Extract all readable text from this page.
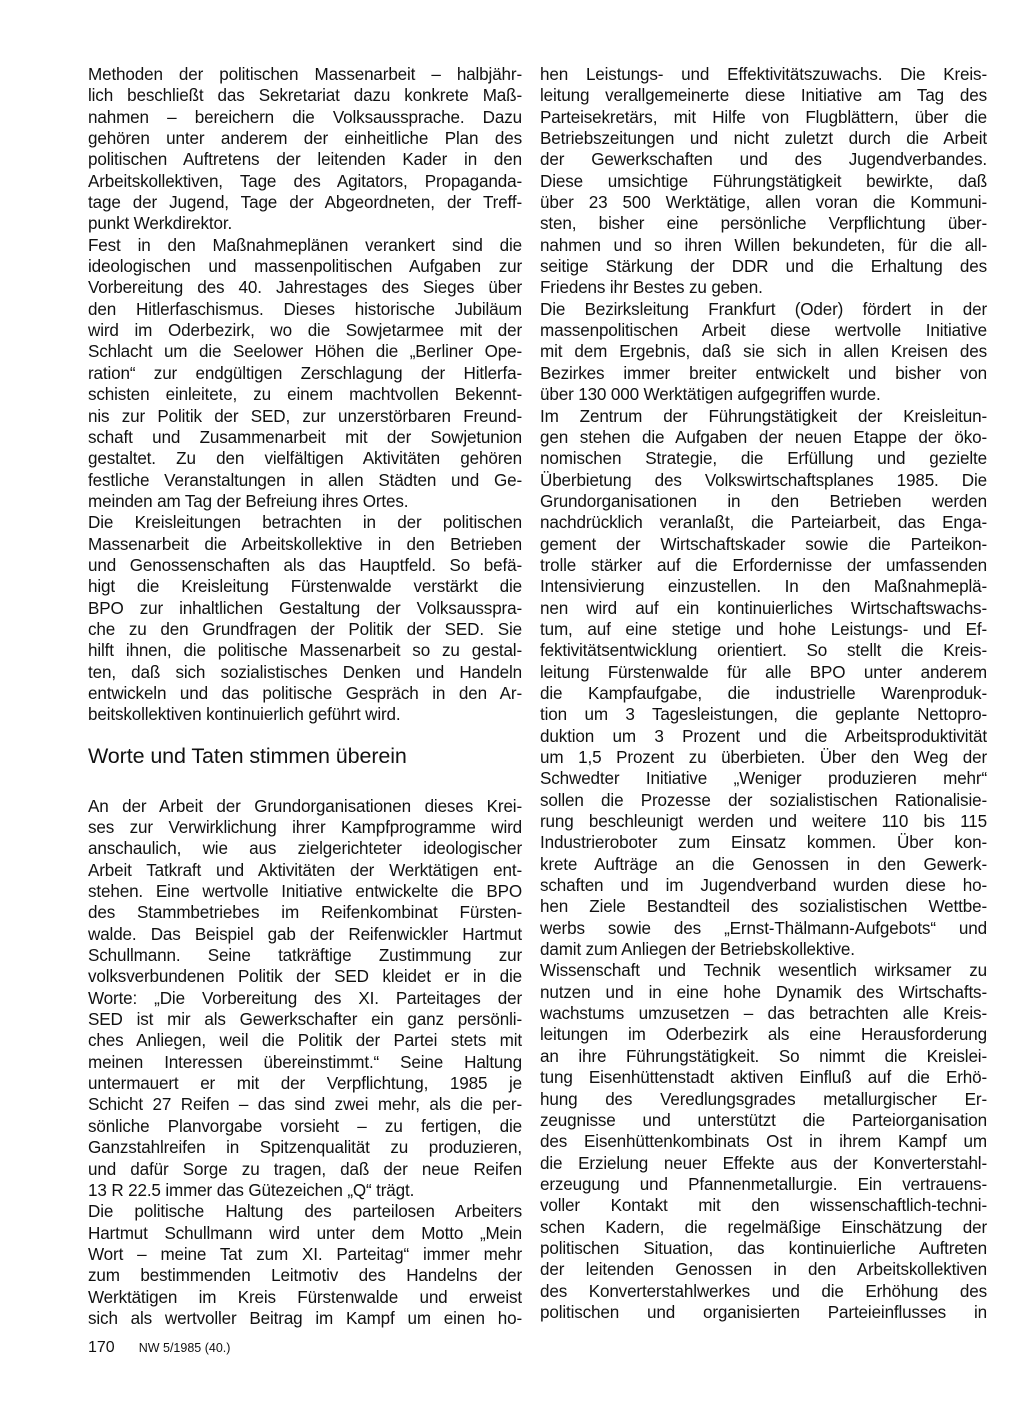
Methoden der politischen Massenarbeit – halbjähr-
lich beschließt das Sekretariat dazu konkrete Maß-
nahmen – bereichern die Volksaussprache. Dazu
gehören unter anderem der einheitliche Plan des
politischen Auftretens der leitenden Kader in den
Arbeitskollektiven, Tage des Agitators, Propaganda-
tage der Jugend, Tage der Abgeordneten, der Treff-
punkt Werkdirektor.
Fest in den Maßnahmeplänen verankert sind die
ideologischen und massenpolitischen Aufgaben zur
Vorbereitung des 40. Jahrestages des Sieges über
den Hitlerfaschismus. Dieses historische Jubiläum
wird im Oderbezirk, wo die Sowjetarmee mit der
Schlacht um die Seelower Höhen die „Berliner Ope-
ration“ zur endgültigen Zerschlagung der Hitlerfa-
schisten einleitete, zu einem machtvollen Bekennt-
nis zur Politik der SED, zur unzerstörbaren Freund-
schaft und Zusammenarbeit mit der Sowjetunion
gestaltet. Zu den vielfältigen Aktivitäten gehören
festliche Veranstaltungen in allen Städten und Ge-
meinden am Tag der Befreiung ihres Ortes.
Die Kreisleitungen betrachten in der politischen
Massenarbeit die Arbeitskollektive in den Betrieben
und Genossenschaften als das Hauptfeld. So befä-
higt die Kreisleitung Fürstenwalde verstärkt die
BPO zur inhaltlichen Gestaltung der Volksausspra-
che zu den Grundfragen der Politik der SED. Sie
hilft ihnen, die politische Massenarbeit so zu gestal-
ten, daß sich sozialistisches Denken und Handeln
entwickeln und das politische Gespräch in den Ar-
beitskollektiven kontinuierlich geführt wird.
Worte und Taten stimmen überein
An der Arbeit der Grundorganisationen dieses Krei-
ses zur Verwirklichung ihrer Kampfprogramme wird
anschaulich, wie aus zielgerichteter ideologischer
Arbeit Tatkraft und Aktivitäten der Werktätigen ent-
stehen. Eine wertvolle Initiative entwickelte die BPO
des Stammbetriebes im Reifenkombinat Fürsten-
walde. Das Beispiel gab der Reifenwickler Hartmut
Schullmann. Seine tatkräftige Zustimmung zur
volksverbundenen Politik der SED kleidet er in die
Worte: „Die Vorbereitung des XI. Parteitages der
SED ist mir als Gewerkschafter ein ganz persönli-
ches Anliegen, weil die Politik der Partei stets mit
meinen Interessen übereinstimmt.“ Seine Haltung
untermauert er mit der Verpflichtung, 1985 je
Schicht 27 Reifen – das sind zwei mehr, als die per-
sönliche Planvorgabe vorsieht – zu fertigen, die
Ganzstahlreifen in Spitzenqualität zu produzieren,
und dafür Sorge zu tragen, daß der neue Reifen
13 R 22.5 immer das Gütezeichen „Q“ trägt.
Die politische Haltung des parteilosen Arbeiters
Hartmut Schullmann wird unter dem Motto „Mein
Wort – meine Tat zum XI. Parteitag“ immer mehr
zum bestimmenden Leitmotiv des Handelns der
Werktätigen im Kreis Fürstenwalde und erweist
sich als wertvoller Beitrag im Kampf um einen ho-
hen Leistungs- und Effektivitätszuwachs. Die Kreis-
leitung verallgemeinerte diese Initiative am Tag des
Parteisekretärs, mit Hilfe von Flugblättern, über die
Betriebszeitungen und nicht zuletzt durch die Arbeit
der Gewerkschaften und des Jugendverbandes.
Diese umsichtige Führungstätigkeit bewirkte, daß
über 23 500 Werktätige, allen voran die Kommuni-
sten, bisher eine persönliche Verpflichtung über-
nahmen und so ihren Willen bekundeten, für die all-
seitige Stärkung der DDR und die Erhaltung des
Friedens ihr Bestes zu geben.
Die Bezirksleitung Frankfurt (Oder) fördert in der
massenpolitischen Arbeit diese wertvolle Initiative
mit dem Ergebnis, daß sie sich in allen Kreisen des
Bezirkes immer breiter entwickelt und bisher von
über 130 000 Werktätigen aufgegriffen wurde.
Im Zentrum der Führungstätigkeit der Kreisleitun-
gen stehen die Aufgaben der neuen Etappe der öko-
nomischen Strategie, die Erfüllung und gezielte
Überbietung des Volkswirtschaftsplanes 1985. Die
Grundorganisationen in den Betrieben werden
nachdrücklich veranlaßt, die Parteiarbeit, das Enga-
gement der Wirtschaftskader sowie die Parteikon-
trolle stärker auf die Erfordernisse der umfassenden
Intensivierung einzustellen. In den Maßnahmeplä-
nen wird auf ein kontinuierliches Wirtschaftswachs-
tum, auf eine stetige und hohe Leistungs- und Ef-
fektivitätsentwicklung orientiert. So stellt die Kreis-
leitung Fürstenwalde für alle BPO unter anderem
die Kampfaufgabe, die industrielle Warenproduk-
tion um 3 Tagesleistungen, die geplante Nettopro-
duktion um 3 Prozent und die Arbeitsproduktivität
um 1,5 Prozent zu überbieten. Über den Weg der
Schwedter Initiative „Weniger produzieren mehr“
sollen die Prozesse der sozialistischen Rationalisie-
rung beschleunigt werden und weitere 110 bis 115
Industrieroboter zum Einsatz kommen. Über kon-
krete Aufträge an die Genossen in den Gewerk-
schaften und im Jugendverband wurden diese ho-
hen Ziele Bestandteil des sozialistischen Wettbe-
werbs sowie des „Ernst-Thälmann-Aufgebots“ und
damit zum Anliegen der Betriebskollektive.
Wissenschaft und Technik wesentlich wirksamer zu
nutzen und in eine hohe Dynamik des Wirtschafts-
wachstums umzusetzen – das betrachten alle Kreis-
leitungen im Oderbezirk als eine Herausforderung
an ihre Führungstätigkeit. So nimmt die Kreislei-
tung Eisenhüttenstadt aktiven Einfluß auf die Erhö-
hung des Veredlungsgrades metallurgischer Er-
zeugnisse und unterstützt die Parteiorganisation
des Eisenhüttenkombinats Ost in ihrem Kampf um
die Erzielung neuer Effekte aus der Konverterstahl-
erzeugung und Pfannenmetallurgie. Ein vertrauens-
voller Kontakt mit den wissenschaftlich-techni-
schen Kadern, die regelmäßige Einschätzung der
politischen Situation, das kontinuierliche Auftreten
der leitenden Genossen in den Arbeitskollektiven
des Konverterstahlwerkes und die Erhöhung des
politischen und organisierten Parteieinflusses in
170 NW 5/1985 (40.)
